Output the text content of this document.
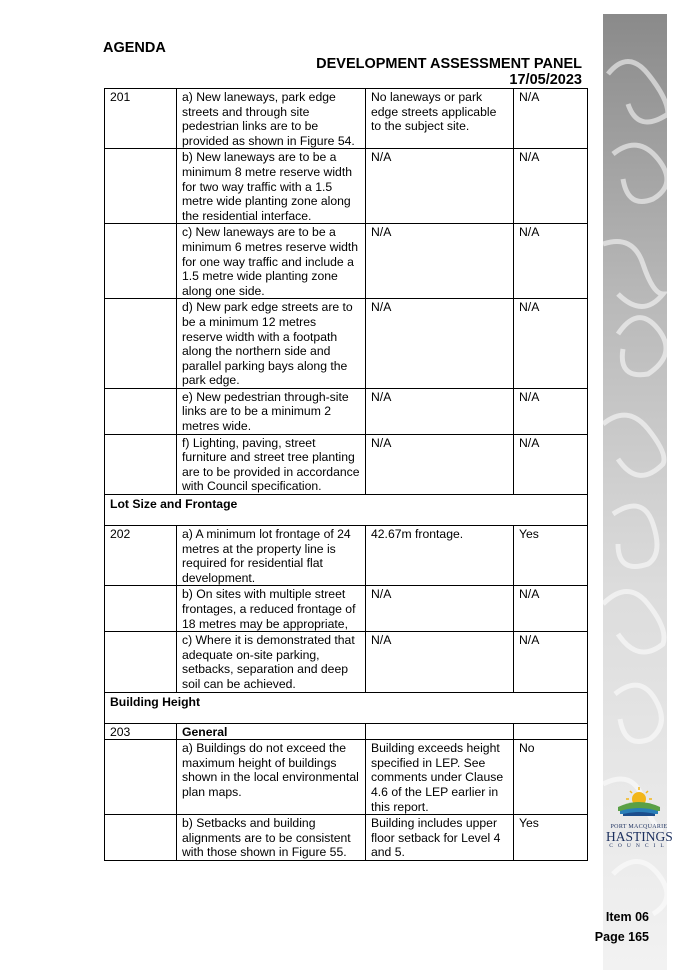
AGENDA
DEVELOPMENT ASSESSMENT PANEL
17/05/2023
201	a) New laneways, park edge streets and through site pedestrian links are to be provided as shown in Figure 54.	No laneways or park edge streets applicable to the subject site.	N/A
	b) New laneways are to be a minimum 8 metre reserve width for two way traffic with a 1.5 metre wide planting zone along the residential interface.	N/A	N/A
	c) New laneways are to be a minimum 6 metres reserve width for one way traffic and include a 1.5 metre wide planting zone along one side.	N/A	N/A
	d) New park edge streets are to be a minimum 12 metres reserve width with a footpath along the northern side and parallel parking bays along the park edge.	N/A	N/A
	e) New pedestrian through-site links are to be a minimum 2 metres wide.	N/A	N/A
	f) Lighting, paving, street furniture and street tree planting are to be provided in accordance with Council specification.	N/A	N/A
Lot Size and Frontage			
202	a) A minimum lot frontage of 24 metres at the property line is required for residential flat development.	42.67m frontage.	Yes
	b) On sites with multiple street frontages, a reduced frontage of 18 metres may be appropriate,	N/A	N/A
	c) Where it is demonstrated that adequate on-site parking, setbacks, separation and deep soil can be achieved.	N/A	N/A
Building Height			
203	General		
	a) Buildings do not exceed the maximum height of buildings shown in the local environmental plan maps.	Building exceeds height specified in LEP. See comments under Clause 4.6 of the LEP earlier in this report.	No
	b) Setbacks and building alignments are to be consistent with those shown in Figure 55.	Building includes upper floor setback for Level 4 and 5.	Yes	PORT MACQUARIE
HASTINGS
COUNCIL
Item 06
Page 165
